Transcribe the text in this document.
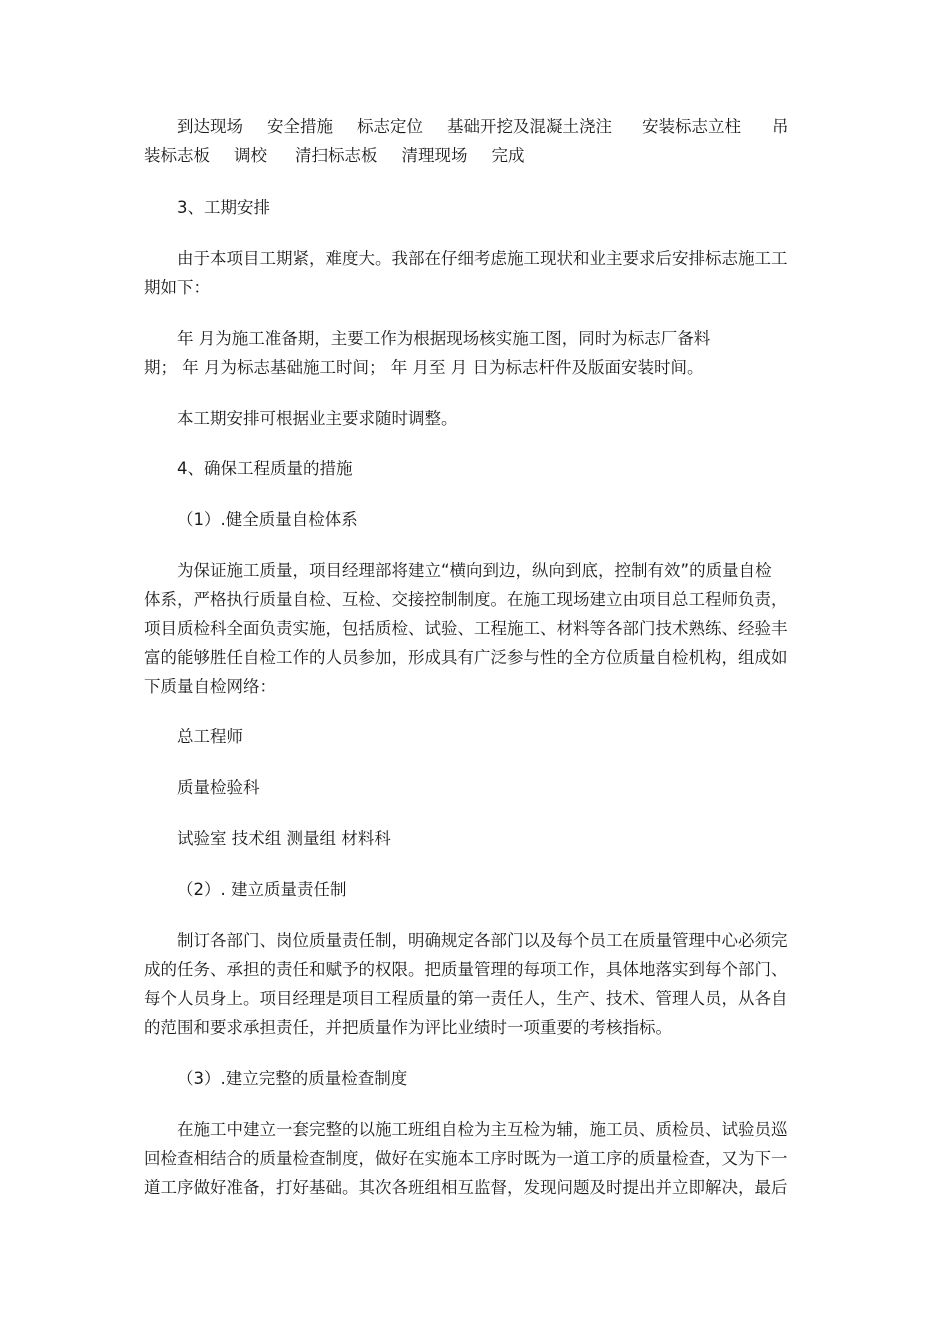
到达现场 安全措施 标志定位 基础开挖及混凝土浇注 安装标志立柱 吊
装标志板 调校 清扫标志板 清理现场 完成
3、工期安排
由于本项目工期紧，难度大。我部在仔细考虑施工现状和业主要求后安排标志施工工
期如下：
年 月为施工准备期，主要工作为根据现场核实施工图，同时为标志厂备料
期； 年 月为标志基础施工时间； 年 月至 月 日为标志杆件及版面安装时间。
本工期安排可根据业主要求随时调整。
4、确保工程质量的措施
（1）.健全质量自检体系
为保证施工质量，项目经理部将建立“横向到边，纵向到底，控制有效”的质量自检
体系，严格执行质量自检、互检、交接控制制度。在施工现场建立由项目总工程师负责，
项目质检科全面负责实施，包括质检、试验、工程施工、材料等各部门技术熟练、经验丰
富的能够胜任自检工作的人员参加，形成具有广泛参与性的全方位质量自检机构，组成如
下质量自检网络：
总工程师
质量检验科
试验室 技术组 测量组 材料科
（2）. 建立质量责任制
制订各部门、岗位质量责任制，明确规定各部门以及每个员工在质量管理中心必须完
成的任务、承担的责任和赋予的权限。把质量管理的每项工作，具体地落实到每个部门、
每个人员身上。项目经理是项目工程质量的第一责任人，生产、技术、管理人员，从各自
的范围和要求承担责任，并把质量作为评比业绩时一项重要的考核指标。
（3）.建立完整的质量检查制度
在施工中建立一套完整的以施工班组自检为主互检为辅，施工员、质检员、试验员巡
回检查相结合的质量检查制度，做好在实施本工序时既为一道工序的质量检查，又为下一
道工序做好准备，打好基础。其次各班组相互监督，发现问题及时提出并立即解决，最后
